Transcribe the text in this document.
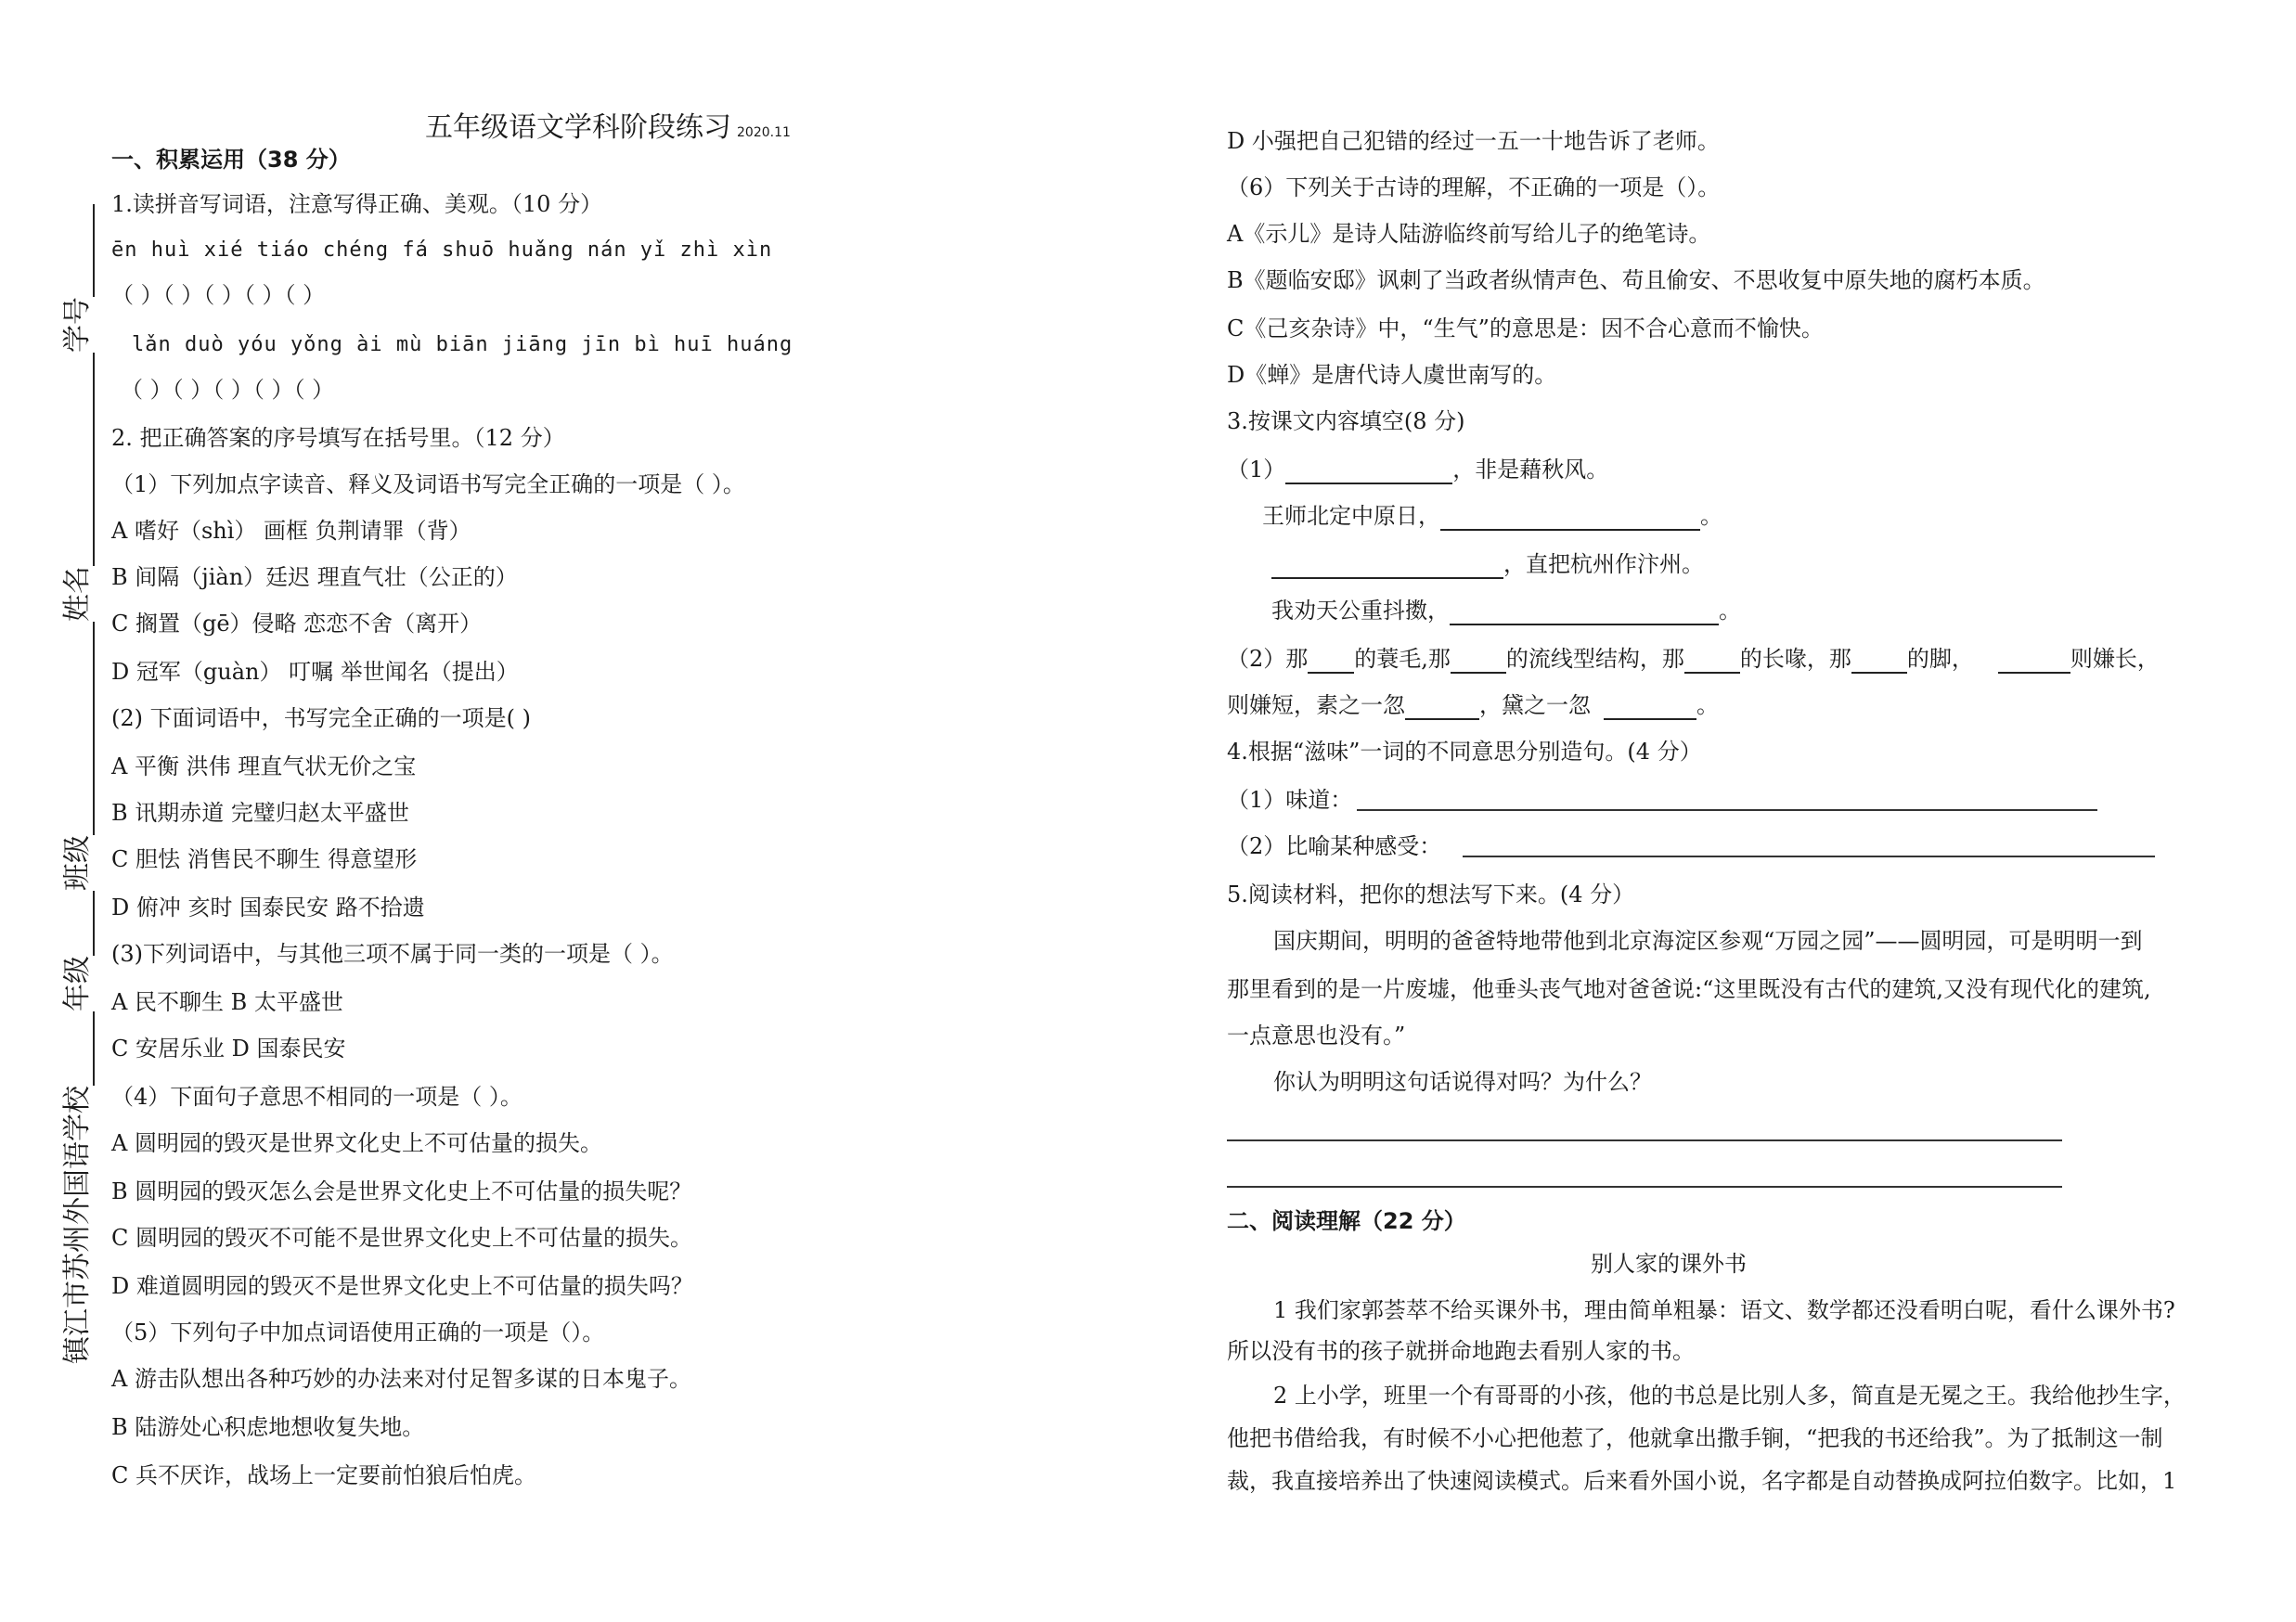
镇江市苏州外国语学校年级班级姓名学号
五年级语文学科阶段练习 2020.11
一、积累运用（38 分）
1.读拼音写词语，注意写得正确、美观。（10 分）
ēn huì xié tiáo chéng fá shuō huǎng nán yǐ zhì xìn
（ ）（ ）（ ）（ ）（ ）
lǎn duò yóu yǒng ài mù biān jiāng jīn bì huī huáng
（ ）（ ）（ ）（ ）（ ）
2. 把正确答案的序号填写在括号里。（12 分）
（1）下列加点字读音、释义及词语书写完全正确的一项是（ ）。
A 嗜好（shì） 画框 负荆请罪（背）
B 间隔（jiàn）廷迟 理直气壮（公正的）
C 搁置（gē）侵略 恋恋不舍（离开）
D 冠军（guàn） 叮嘱 举世闻名（提出）
(2) 下面词语中，书写完全正确的一项是( )
A 平衡 洪伟 理直气状无价之宝
B 讯期赤道 完璧归赵太平盛世
C 胆怯 消售民不聊生 得意望形
D 俯冲 亥时 国泰民安 路不拾遗
(3)下列词语中，与其他三项不属于同一类的一项是（ ）。
A 民不聊生 B 太平盛世
C 安居乐业 D 国泰民安
（4）下面句子意思不相同的一项是（ ）。
A 圆明园的毁灭是世界文化史上不可估量的损失。
B 圆明园的毁灭怎么会是世界文化史上不可估量的损失呢？
C 圆明园的毁灭不可能不是世界文化史上不可估量的损失。
D 难道圆明园的毁灭不是世界文化史上不可估量的损失吗？
（5）下列句子中加点词语使用正确的一项是（）。
A 游击队想出各种巧妙的办法来对付足智多谋的日本鬼子。
B 陆游处心积虑地想收复失地。
C 兵不厌诈，战场上一定要前怕狼后怕虎。
D 小强把自己犯错的经过一五一十地告诉了老师。
（6）下列关于古诗的理解，不正确的一项是（）。
A《示儿》是诗人陆游临终前写给儿子的绝笔诗。
B《题临安邸》讽刺了当政者纵情声色、苟且偷安、不思收复中原失地的腐朽本质。
C《己亥杂诗》中，“生气”的意思是：因不合心意而不愉快。
D《蝉》是唐代诗人虞世南写的。
3.按课文内容填空(8 分)
（1）	，非是藉秋风。
王师北定中原日，	。
，直把杭州作汴州。
我劝天公重抖擞，	。
（2）那 的蓑毛,那	的流线型结构，那	的长喙，那	的脚，	则嫌长，
则嫌短，素之一忽	，黛之一忽	。
4.根据“滋味”一词的不同意思分别造句。(4 分）
（1）味道：
（2）比喻某种感受：
5.阅读材料，把你的想法写下来。(4 分）
国庆期间，明明的爸爸特地带他到北京海淀区参观“万园之园”——圆明园，可是明明一到
那里看到的是一片废墟，他垂头丧气地对爸爸说:“这里既没有古代的建筑,又没有现代化的建筑,
一点意思也没有。”
你认为明明这句话说得对吗？为什么？
二、阅读理解（22 分）
别人家的课外书
1 我们家郭荟萃不给买课外书，理由简单粗暴：语文、数学都还没看明白呢，看什么课外书?
所以没有书的孩子就拼命地跑去看别人家的书。
2 上小学，班里一个有哥哥的小孩，他的书总是比别人多，简直是无冕之王。我给他抄生字，
他把书借给我，有时候不小心把他惹了，他就拿出撒手锏，“把我的书还给我”。为了抵制这一制
裁，我直接培养出了快速阅读模式。后来看外国小说，名字都是自动替换成阿拉伯数字。比如，1
